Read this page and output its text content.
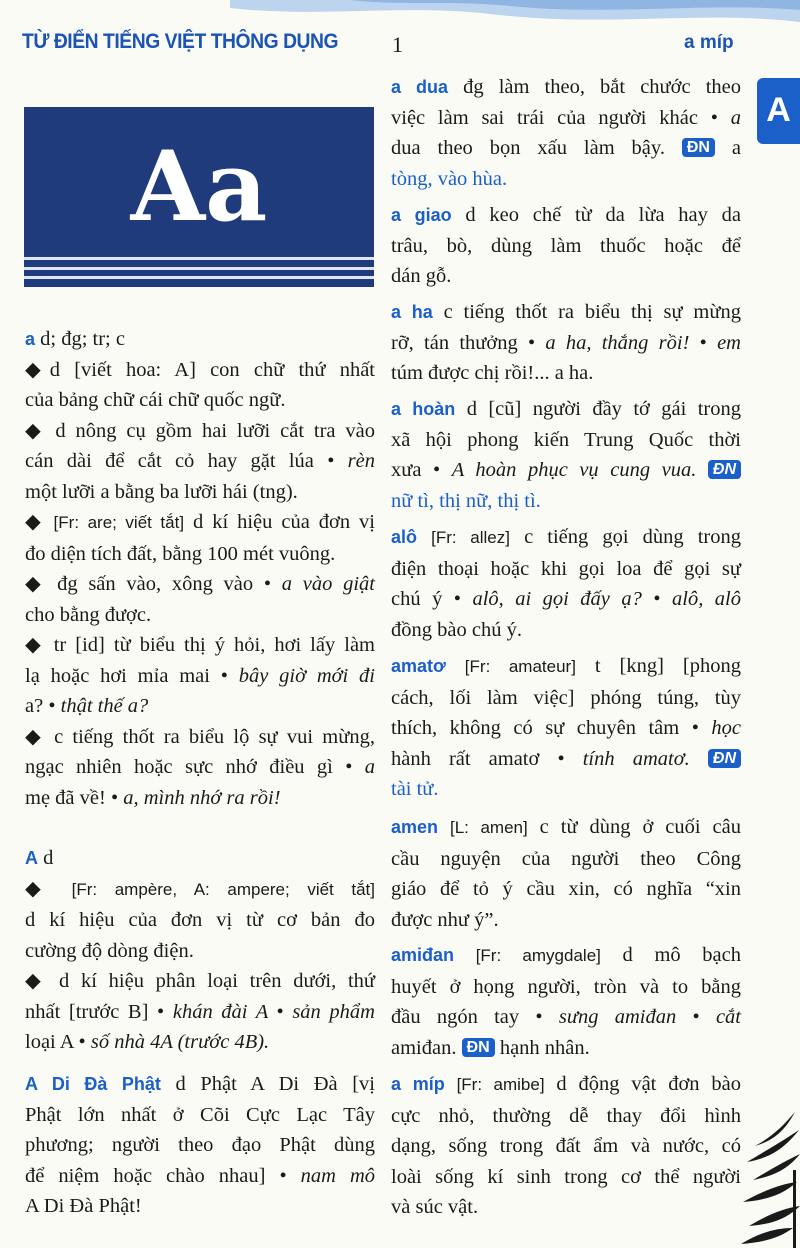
TỪ ĐIỂN TIẾNG VIỆT THÔNG DỤNG 1	a míp
A
Aa
a d; đg; tr; c
◆d [viết hoa: A] con chữ thứ nhất
của bảng chữ cái chữ quốc ngữ.
◆ d nông cụ gồm hai lưỡi cắt tra vào
cán dài để cắt cỏ hay gặt lúa • rèn
một lưỡi a bằng ba lưỡi hái (tng).
◆ [Fr: are; viết tắt] d kí hiệu của đơn vị
đo diện tích đất, bằng 100 mét vuông.
◆ đg sấn vào, xông vào • a vào giật
cho bằng được.
◆ tr [id] từ biểu thị ý hỏi, hơi lấy làm
lạ hoặc hơi mỉa mai • bây giờ mới đi
a? • thật thế a?
◆ c tiếng thốt ra biểu lộ sự vui mừng,
ngạc nhiên hoặc sực nhớ điều gì • a
mẹ đã về! • a, mình nhớ ra rồi!
A d
◆ [Fr: ampère, A: ampere; viết tắt]
d kí hiệu của đơn vị từ cơ bản đo
cường độ dòng điện.
◆ d kí hiệu phân loại trên dưới, thứ
nhất [trước B] • khán đài A • sản phẩm
loại A • số nhà 4A (trước 4B).
A Di Đà Phật d Phật A Di Đà [vị
Phật lớn nhất ở Cõi Cực Lạc Tây
phương; người theo đạo Phật dùng
để niệm hoặc chào nhau] • nam mô
A Di Đà Phật!
a dua đg làm theo, bắt chước theo
việc làm sai trái của người khác • a
dua theo bọn xấu làm bậy. ĐN a
tòng, vào hùa.
a giao d keo chế từ da lừa hay da
trâu, bò, dùng làm thuốc hoặc để
dán gỗ.
a ha c tiếng thốt ra biểu thị sự mừng
rỡ, tán thưởng • a ha, thắng rồi! • em
túm được chị rồi!... a ha.
a hoàn d [cũ] người đầy tớ gái trong
xã hội phong kiến Trung Quốc thời
xưa • A hoàn phục vụ cung vua. ĐN
nữ tì, thị nữ, thị tì.
alô [Fr: allez] c tiếng gọi dùng trong
điện thoại hoặc khi gọi loa để gọi sự
chú ý • alô, ai gọi đấy ạ? • alô, alô
đồng bào chú ý.
amatơ [Fr: amateur] t [kng] [phong
cách, lối làm việc] phóng túng, tùy
thích, không có sự chuyên tâm • học
hành rất amatơ • tính amatơ. ĐN
tài tử.
amen [L: amen] c từ dùng ở cuối câu
cầu nguyện của người theo Công
giáo để tỏ ý cầu xin, có nghĩa “xin
được như ý”.
amiđan [Fr: amygdale] d mô bạch
huyết ở họng người, tròn và to bằng
đầu ngón tay • sưng amiđan • cắt
amiđan. ĐN hạnh nhân.
a míp [Fr: amibe] d động vật đơn bào
cực nhỏ, thường dễ thay đổi hình
dạng, sống trong đất ẩm và nước, có
loài sống kí sinh trong cơ thể người
và súc vật.
